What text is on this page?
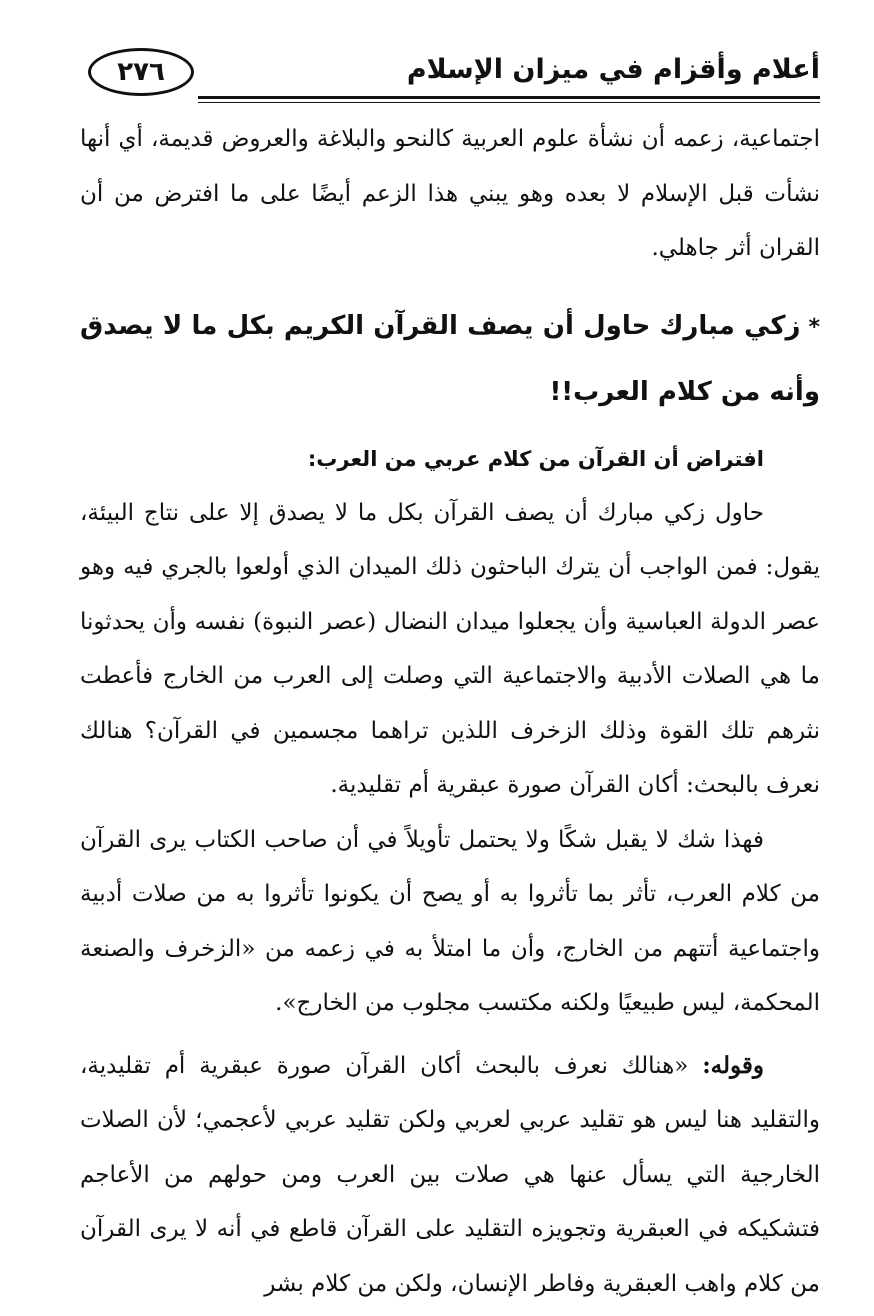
أعلام وأقزام في ميزان الإسلام
٢٧٦

اجتماعية، زعمه أن نشأة علوم العربية كالنحو والبلاغة والعروض قديمة، أي أنها نشأت قبل الإسلام لا بعده وهو يبني هذا الزعم أيضًا على ما افترض من أن القران أثر جاهلي.

*زكي مبارك حاول أن يصف القرآن الكريم بكل ما لا يصدق وأنه من كلام العرب!!

افتراض أن القرآن من كلام عربي من العرب:

حاول زكي مبارك أن يصف القرآن بكل ما لا يصدق إلا على نتاج البيئة، يقول: فمن الواجب أن يترك الباحثون ذلك الميدان الذي أولعوا بالجري فيه وهو عصر الدولة العباسية وأن يجعلوا ميدان النضال (عصر النبوة) نفسه وأن يحدثونا ما هي الصلات الأدبية والاجتماعية التي وصلت إلى العرب من الخارج فأعطت نثرهم تلك القوة وذلك الزخرف اللذين تراهما مجسمين في القرآن؟ هنالك نعرف بالبحث: أكان القرآن صورة عبقرية أم تقليدية.

فهذا شك لا يقبل شكًا ولا يحتمل تأويلاً في أن صاحب الكتاب يرى القرآن من كلام العرب، تأثر بما تأثروا به أو يصح أن يكونوا تأثروا به من صلات أدبية واجتماعية أتتهم من الخارج، وأن ما امتلأ به في زعمه من «الزخرف والصنعة المحكمة، ليس طبيعيًا ولكنه مكتسب مجلوب من الخارج».

وقوله: «هنالك نعرف بالبحث أكان القرآن صورة عبقرية أم تقليدية، والتقليد هنا ليس هو تقليد عربي لعربي ولكن تقليد عربي لأعجمي؛ لأن الصلات الخارجية التي يسأل عنها هي صلات بين العرب ومن حولهم من الأعاجم فتشكيكه في العبقرية وتجويزه التقليد على القرآن قاطع في أنه لا يرى القرآن من كلام واهب العبقرية وفاطر الإنسان، ولكن من كلام بشر
